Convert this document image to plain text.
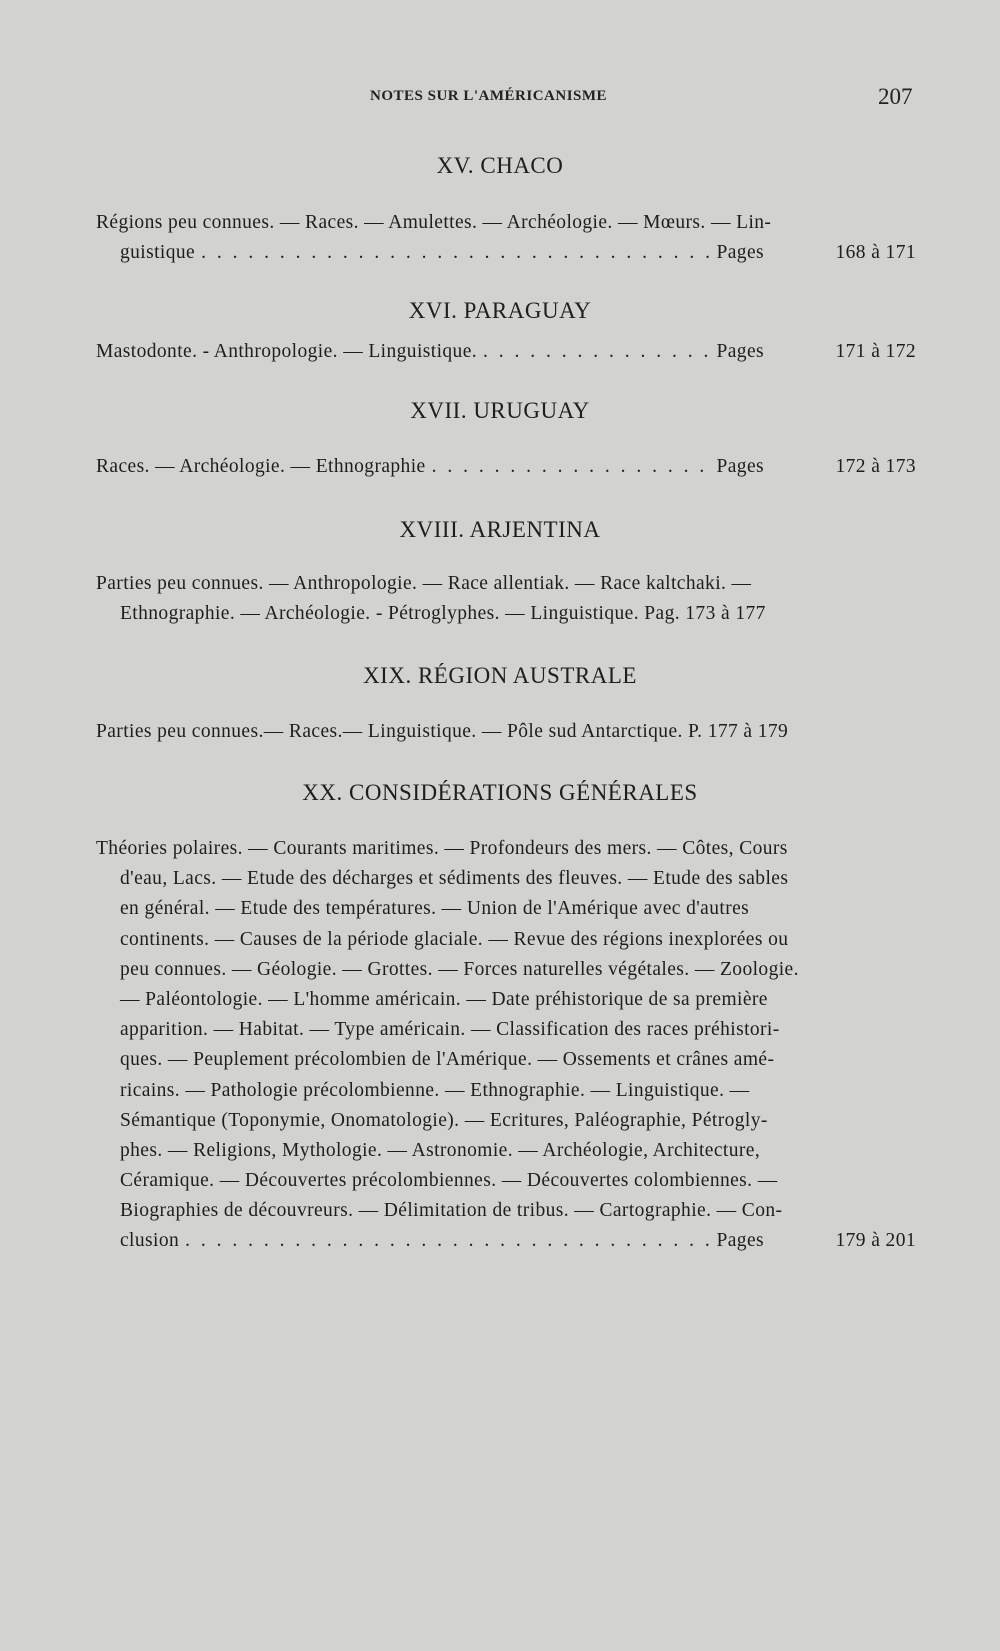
NOTES SUR L'AMÉRICANISME	207
XV. CHACO
Régions peu connues. — Races. — Amulettes. — Archéologie. — Mœurs. — Lin-
guistique . . .	Pages	168 à 171
XVI. PARAGUAY
Mastodonte. - Anthropologie. — Linguistique. . . .	Pages	171 à 172
XVII. URUGUAY
Races. — Archéologie. — Ethnographie . . .	Pages	172 à 173
XVIII. ARJENTINA
Parties peu connues. — Anthropologie. — Race allentiak. — Race kaltchaki. —
Ethnographie. — Archéologie. - Pétroglyphes. — Linguistique. Pag. 173 à 177
XIX. RÉGION AUSTRALE
Parties peu connues.— Races.— Linguistique. — Pôle sud Antarctique. P. 177 à 179
XX. CONSIDÉRATIONS GÉNÉRALES
Théories polaires. — Courants maritimes. — Profondeurs des mers. — Côtes, Cours
d'eau, Lacs. — Etude des décharges et sédiments des fleuves. — Etude des sables
en général. — Etude des températures. — Union de l'Amérique avec d'autres
continents. — Causes de la période glaciale. — Revue des régions inexplorées ou
peu connues. — Géologie. — Grottes. — Forces naturelles végétales. — Zoologie.
— Paléontologie. — L'homme américain. — Date préhistorique de sa première
apparition. — Habitat. — Type américain. — Classification des races préhistori-
ques. — Peuplement précolombien de l'Amérique. — Ossements et crânes amé-
ricains. — Pathologie précolombienne. — Ethnographie. — Linguistique. —
Sémantique (Toponymie, Onomatologie). — Ecritures, Paléographie, Pétrogly-
phes. — Religions, Mythologie. — Astronomie. — Archéologie, Architecture,
Céramique. — Découvertes précolombiennes. — Découvertes colombiennes. —
Biographies de découvreurs. — Délimitation de tribus. — Cartographie. — Con-
clusion . . .	Pages	179 à 201
